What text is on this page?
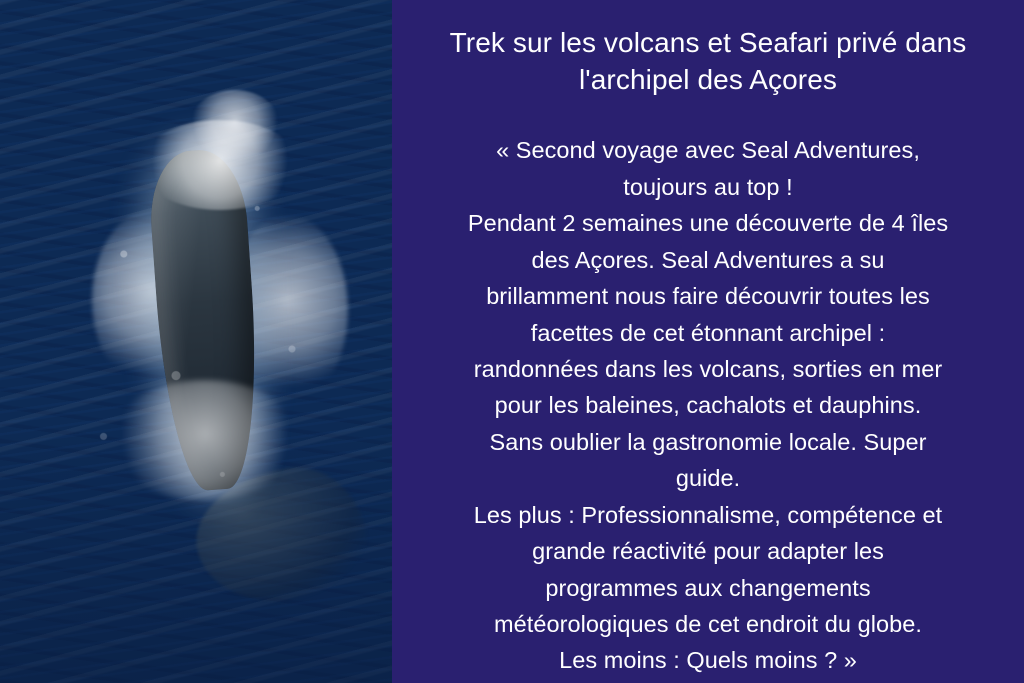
Trek sur les volcans et Seafari privé dans l'archipel des Açores

« Second voyage avec Seal Adventures,

toujours au top !

Pendant 2 semaines une découverte de 4 îles

des Açores. Seal Adventures a su

brillamment nous faire découvrir toutes les

facettes de cet étonnant archipel :

randonnées dans les volcans, sorties en mer

pour les baleines, cachalots et dauphins.

Sans oublier la gastronomie locale. Super

guide.

Les plus : Professionnalisme, compétence et

grande réactivité pour adapter les

programmes aux changements

météorologiques de cet endroit du globe.

Les moins : Quels moins ? »
